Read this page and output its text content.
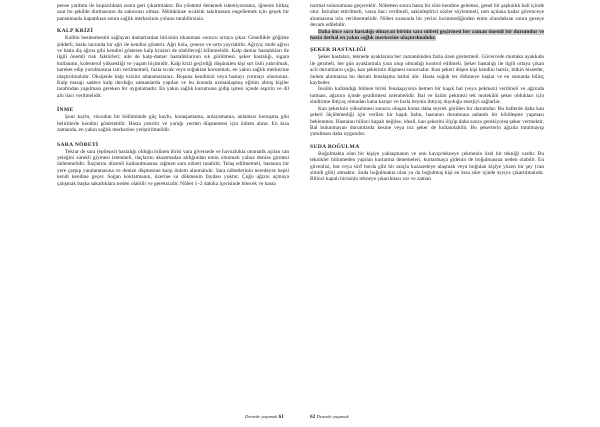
pense yardımı ile koparılıktan sonra geri çıkartmaktır. Bu yöntemi denemek istemiyorsanız, iğnenin bitkaç saat bu şekilde durmasının da sakıncası olmaz. Mümkünse sıcaklık takılmasını engellemek için geçek bir pansumanla kapatıktan sonra sağlık merkezinin yolunu tutabilirsiniz.

KALP KRİZİ

Kalbin beslenmesini sağlayan damarlardan birisinin tıkanması sonucu ortaya çıkar. Genellikle göğüste şiddetli, baskı tarzında bir ağrı ile kendini gösterir. Ağrı kola, çeneye ve sırta yayılabilir. Ağrıya; mide ağrısı ve hatta diş ağrısı gibi kendini gösteren kalp krizleri de olabileceği bilinmelidir. Kalp damar hastalıkları ile ilgili önemli risk faktörleri; aile de kalp-damar hastalıklarının sık görülmesi, şeker hastalığı, sigara kullanımı, kolesterol yüksekliği ve yaşam biçimidir. Kalp krizi geçirdiği düşünülen kişi sırt üstü yatırılmalı, hareket edip yorulmasına izin verilmemeli, fazla sıcak veya soğuktan korunmalı, en yakın sağlık merkezine ulaştırılmalıdır. Oksijenle kalp krizini atlatamazsınız. Boşuna kendinizi veya hastayı yormayı olursunuz. Kalp masajı sadece kalp durduğu zamanlarda yapılan ve bu konuda uzmanlaşmış eğitim almış kişiler tarafından yapılması gereken bir uygulamadır. En yakın sağlık kurumuna gidip işitesi içinde aspirin ve dil altı ilacı verilmelidir.

İNME

Şuur kaybı, vücudun bir bölümünde güç kaybı, konuşamama, anlayamama, anlamsız konuşma gibi belirtilerle kendini gösterebilir. Hasta yatırılır ve yarnğı yerden düşmemesi için önlem alınır. En kısa zamanda, en yakın sağlık merkezine yetiştirilmelidir.

SARA NÖBETİ

Tekrar de sara (epilepsi) hastalığı olduğu bilinen birisi vara giversede ve havuzlukta otomatik açılan can yeleğini sürekli giymesi istenmeli, ilaçlarını aksatmadan aldığından emin olunmalı yalnız denize girmesi önlenmelidir. İlaçlarını düzenli kullanılmasına rağmen sara nöbeti tutabilir. Telaş edilmemeli, hastanın bir yere çarpıp yaralanmasına ve denize düşmesine karşı önlem alınmalıdır. Sara nöbetlerinin neredeyse hepsi kendi kendine geçer. Soğan koklatmanın, üzerine su dökmenin faydası yoktur. Çoğu ağzını açmaya çalışmak başka sakatlıklara neden olabilir ve gereksizdir. Nöbet 1–2 dakika içerisinde bitecek ve hasta

Denizde yaşamak 61

normal solunumuna geçecektir. Nöbetten sonra hasta bir süre kendine gelemez, genel bir şaşkınlık hali içinde olur. İstirahat ettirilmeli, varsa ilacı verilmeli, sakinleştirici sözler söylenmeli, tam açılana kadar güvenceye alınmasına izin verilmemelidir. Nöbet sırasında bir yerini incinmediğinden emin olunduktan sonra gezeye devam edilebilir.

Daha önce sara hastalığı olmayan birisin sara nöbeti geçirmesi her zaman önemli bir durumdur ve hasta derhal en yakın sağlık merkezine ulaştırılmalıdır.

ŞEKER HASTALIĞI

Şeker hastaları, teknede ayaklarına her zamankinden fazla özen göstermeli. Güvercede muttaka ayakkabı ile gezmeli, her gün ayaklarında yara olup olmadığı kontrol edilmeli. Şeker hastalığı ile ilgili ortaya çıkan acil durumların çoğu, kan şekerinin düşmesi sonucudur. Kan şekeri düşen kişi kendini halsiz, bitkin hisseder, önlem alınmazsa bu durum fenalaşma halini alır. Hasta soğuk ter dökmeye başlar ve en sonunda bilinç kaybeder.

İnsülin kullandığı bilinen birisi fenalaşıyorsa hemen bir kaşık bal (veya pekmez) verilmeli ve ağzında tutması, ağzının içinde gezdirmesi istenmelidir. Bal ve üzüm pekmezi tek molekülü şeker oldukları için sindirime ihtiyaç olmadan kana karışır ve hızla beynin ihtiyaç duyduğu enerjiyi sağlarlar.

Kan şekerinin yükselmesi sonucu oluşan koma daha seyrek görülen bir durumdur. Bu hallerde daha kan şekeri ölçülemediği için verilen bir kaşık balın, hastanın durumuna anlamlı bir kötüleşme yapması beklenmez. Hastanın bilinci kapalı değilse, ideali, kan şekerini ölçüp daha sonra gerekiyorsa şeker vermektir. Bal bulunmayan durumlarda kesme veya toz şeker de kullanılabilir. Bu şekerlerin ağızda tutulmayıp yutulması daha uygundur.

SUDA BOĞULMA

Boğulmakta olan bir kişiye yaklaşmanın ve onu kayıp/tekneye çekmenin özel bir tekniği vardır. Bu teknikler bilinmeden yapılan kurtarma denemeleri, kurtarmaya gidenin de boğulmasına neden olabilir. En güvenlisi, bot veya sörf borda gibi bir araçla kazazedeye ulaşmak veya boğulan kişiye yüzen bir şey (can simidi gibi) atmaktır. Suda boğulmakta olan ya da boğulmuş kişi en kısa süre içinde kıyıya çıkartılmalıdır. Bilinci kapalı birisinin tekneye çıkarılması zor ve zaman

62 Denizde yaşamak
